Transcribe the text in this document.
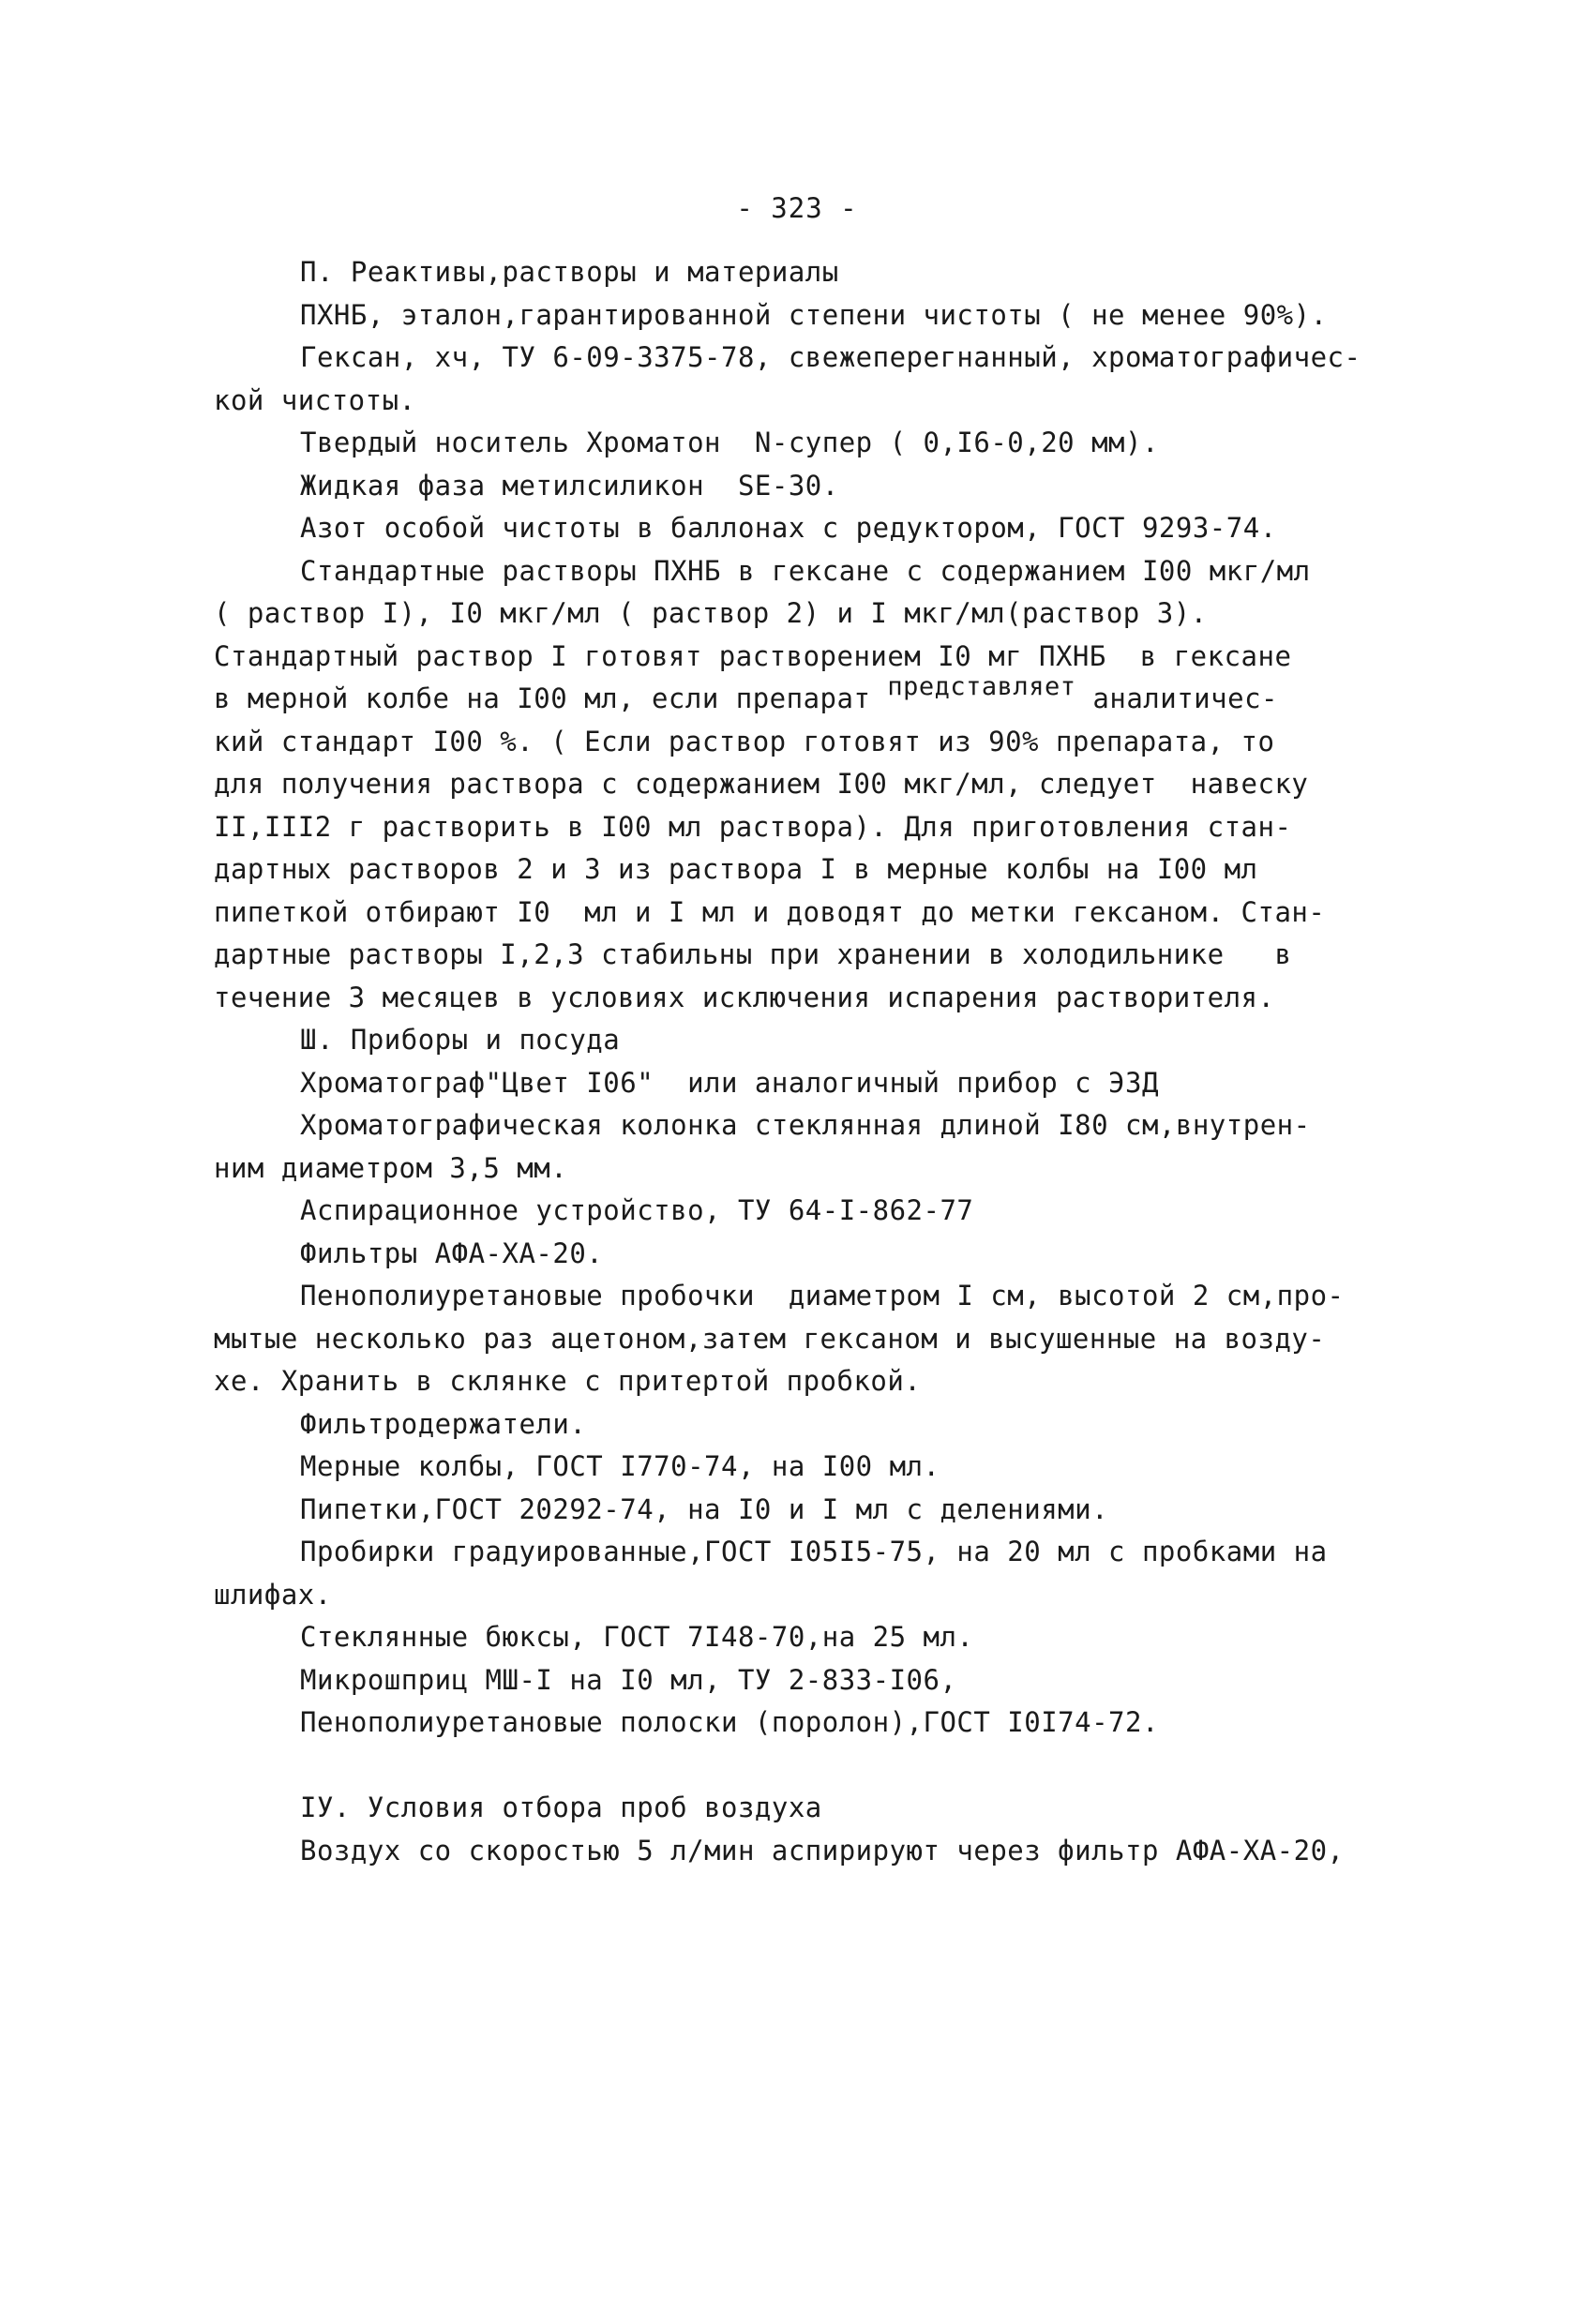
- 323 -
П. Реактивы,растворы и материалы
ПХНБ, эталон,гарантированной степени чистоты ( не менее 90%).
Гексан, хч, ТУ 6-09-3375-78, свежеперегнанный, хроматографичес-
кой чистоты.
Твердый носитель Хроматон  N-супер ( 0,I6-0,20 мм).
Жидкая фаза метилсиликон  SE-30.
Азот особой чистоты в баллонах с редуктором, ГОСТ 9293-74.
Стандартные растворы ПХНБ в гексане с содержанием I00 мкг/мл
( раствор I), I0 мкг/мл ( раствор 2) и I мкг/мл(раствор 3).
Стандартный раствор I готовят растворением I0 мг ПХНБ  в гексане
в мерной колбе на I00 мл, если препарат представляет аналитичес-
кий стандарт I00 %. ( Если раствор готовят из 90% препарата, то
для получения раствора с содержанием I00 мкг/мл, следует  навеску
II,III2 г растворить в I00 мл раствора). Для приготовления стан-
дартных растворов 2 и 3 из раствора I в мерные колбы на I00 мл
пипеткой отбирают I0  мл и I мл и доводят до метки гексаном. Стан-
дартные растворы I,2,3 стабильны при хранении в холодильнике   в
течение 3 месяцев в условиях исключения испарения растворителя.
Ш. Приборы и посуда
Хроматограф"Цвет I06"  или аналогичный прибор с ЭЗД
Хроматографическая колонка стеклянная длиной I80 см,внутрен-
ним диаметром 3,5 мм.
Аспирационное устройство, ТУ 64-I-862-77
Фильтры АФА-ХА-20.
Пенополиуретановые пробочки  диаметром I см, высотой 2 см,про-
мытые несколько раз ацетоном,затем гексаном и высушенные на возду-
хе. Хранить в склянке с притертой пробкой.
Фильтродержатели.
Мерные колбы, ГОСТ I770-74, на I00 мл.
Пипетки,ГОСТ 20292-74, на I0 и I мл с делениями.
Пробирки градуированные,ГОСТ I05I5-75, на 20 мл с пробками на
шлифах.
Стеклянные бюксы, ГОСТ 7I48-70,на 25 мл.
Микрошприц МШ-I на I0 мл, ТУ 2-833-I06,
Пенополиуретановые полоски (поролон),ГОСТ I0I74-72.
IУ. Условия отбора проб воздуха
Воздух со скоростью 5 л/мин аспирируют через фильтр АФА-ХА-20,
